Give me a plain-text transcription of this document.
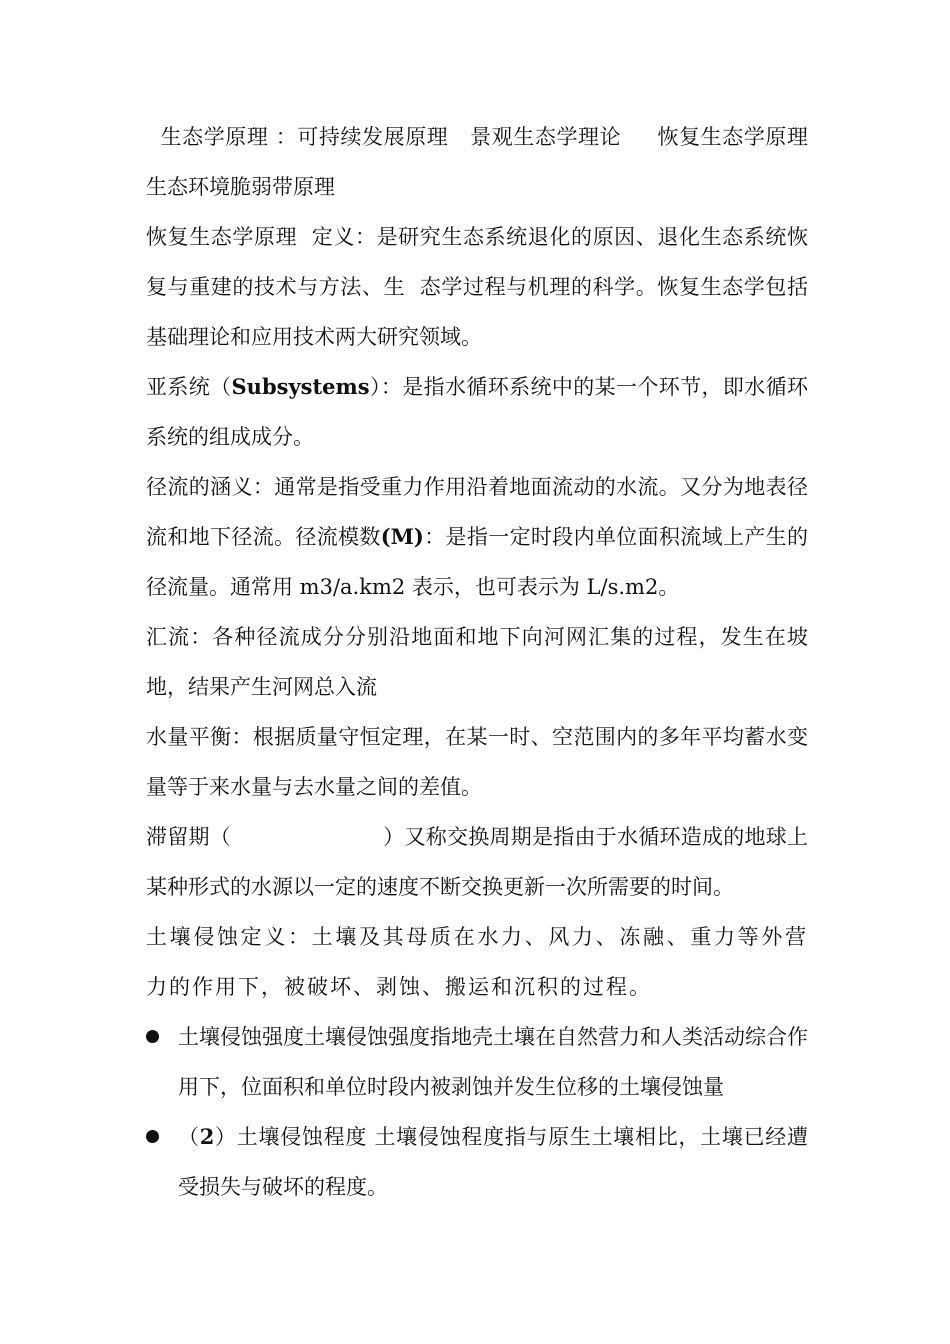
生态学原理 ：可持续发展原理   景观生态学理论     恢复生态学原理   生态环境脆弱带原理

恢复生态学原理  定义：是研究生态系统退化的原因、退化生态系统恢复与重建的技术与方法、生  态学过程与机理的科学。恢复生态学包括基础理论和应用技术两大研究领域。

亚系统（Subsystems）：是指水循环系统中的某一个环节，即水循环系统的组成成分。

径流的涵义：通常是指受重力作用沿着地面流动的水流。又分为地表径流和地下径流。径流模数(M)：是指一定时段内单位面积流域上产生的径流量。通常用 m3/a.km2 表示，也可表示为 L/s.m2。

汇流：各种径流成分分别沿地面和地下向河网汇集的过程，发生在坡地，结果产生河网总入流

水量平衡：根据质量守恒定理，在某一时、空范围内的多年平均蓄水变量等于来水量与去水量之间的差值。

滞留期（                      ）又称交换周期是指由于水循环造成的地球上某种形式的水源以一定的速度不断交换更新一次所需要的时间。

土壤侵蚀定义：土壤及其母质在水力、风力、冻融、重力等外营力的作用下，被破坏、剥蚀、搬运和沉积的过程。

土壤侵蚀强度土壤侵蚀强度指地壳土壤在自然营力和人类活动综合作用下，位面积和单位时段内被剥蚀并发生位移的土壤侵蚀量
（2）土壤侵蚀程度 土壤侵蚀程度指与原生土壤相比，土壤已经遭受损失与破坏的程度。
